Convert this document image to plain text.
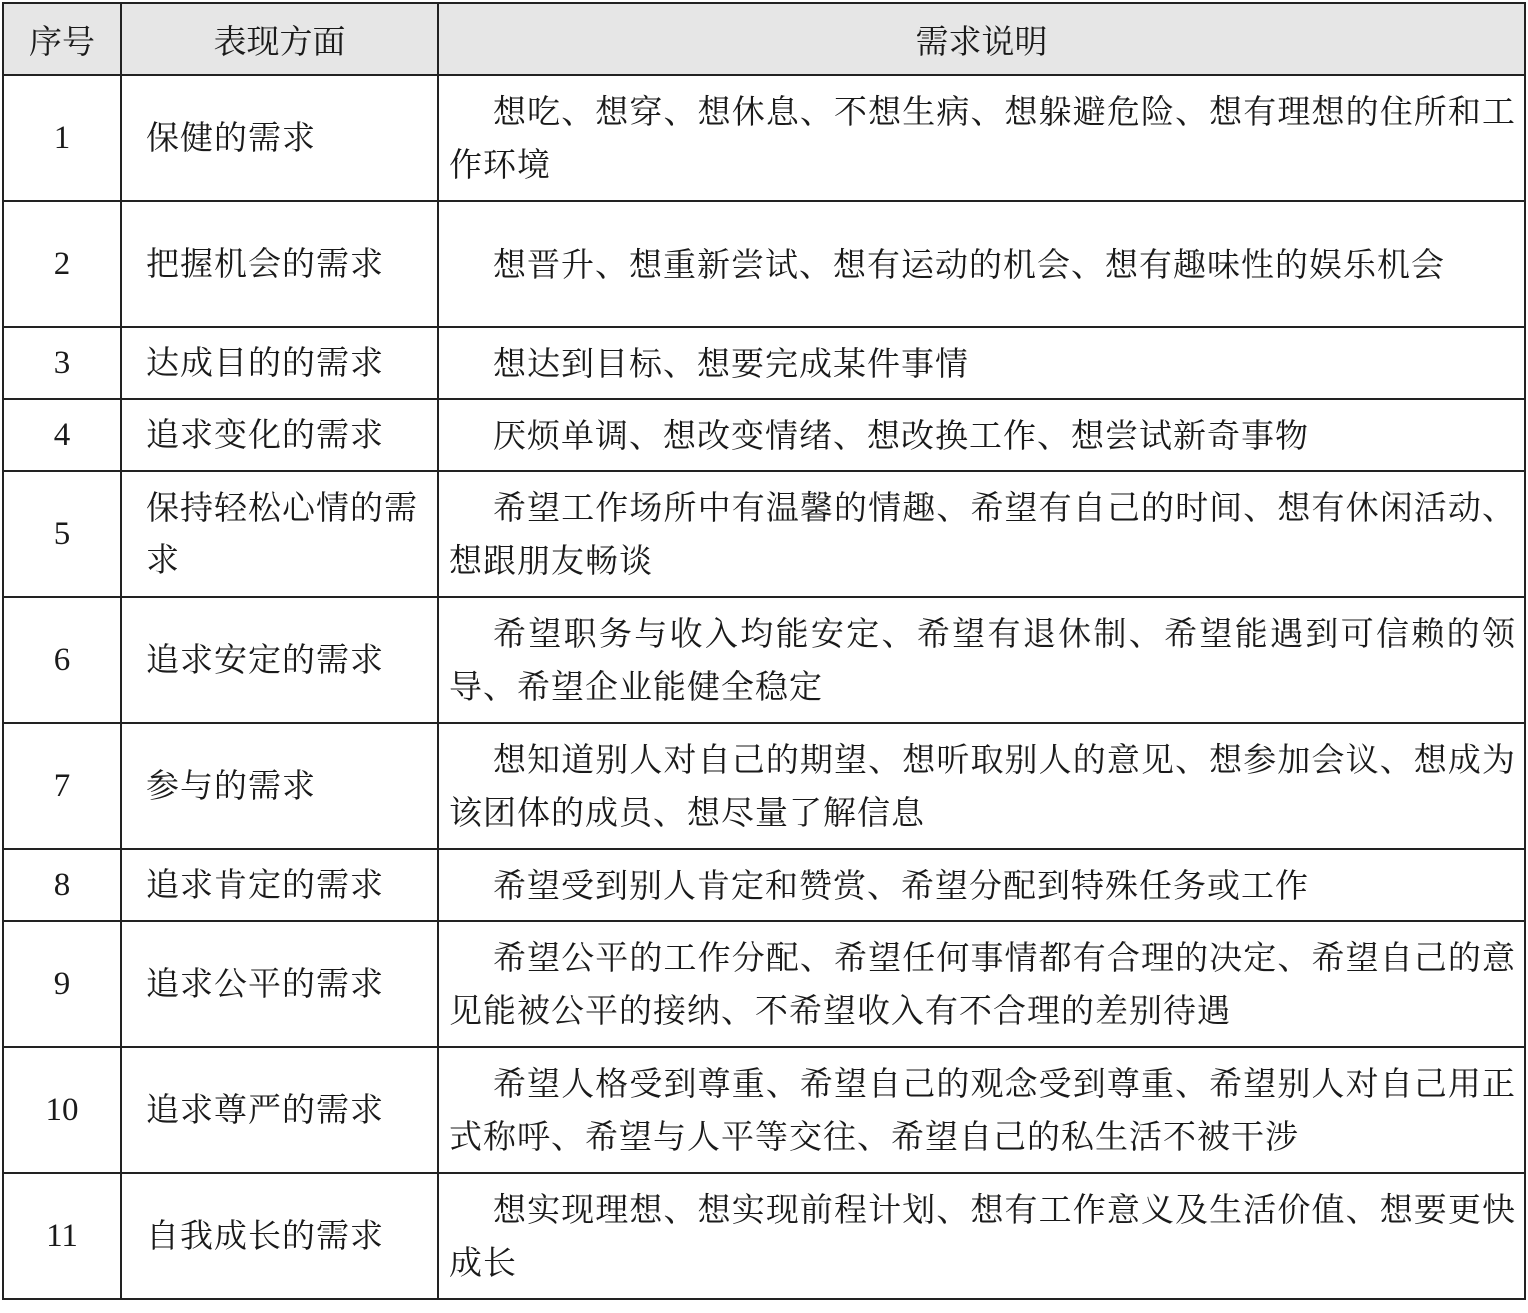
序号	表现方面	需求说明
1	保健的需求	想吃、想穿、想休息、不想生病、想躲避危险、想有理想的住所和工作环境
2	把握机会的需求	想晋升、想重新尝试、想有运动的机会、想有趣味性的娱乐机会
3	达成目的的需求	想达到目标、想要完成某件事情
4	追求变化的需求	厌烦单调、想改变情绪、想改换工作、想尝试新奇事物
5	保持轻松心情的需求	希望工作场所中有温馨的情趣、希望有自己的时间、想有休闲活动、想跟朋友畅谈
6	追求安定的需求	希望职务与收入均能安定、希望有退休制、希望能遇到可信赖的领导、希望企业能健全稳定
7	参与的需求	想知道别人对自己的期望、想听取别人的意见、想参加会议、想成为该团体的成员、想尽量了解信息
8	追求肯定的需求	希望受到别人肯定和赞赏、希望分配到特殊任务或工作
9	追求公平的需求	希望公平的工作分配、希望任何事情都有合理的决定、希望自己的意见能被公平的接纳、不希望收入有不合理的差别待遇
10	追求尊严的需求	希望人格受到尊重、希望自己的观念受到尊重、希望别人对自己用正式称呼、希望与人平等交往、希望自己的私生活不被干涉
11	自我成长的需求	想实现理想、想实现前程计划、想有工作意义及生活价值、想要更快成长
